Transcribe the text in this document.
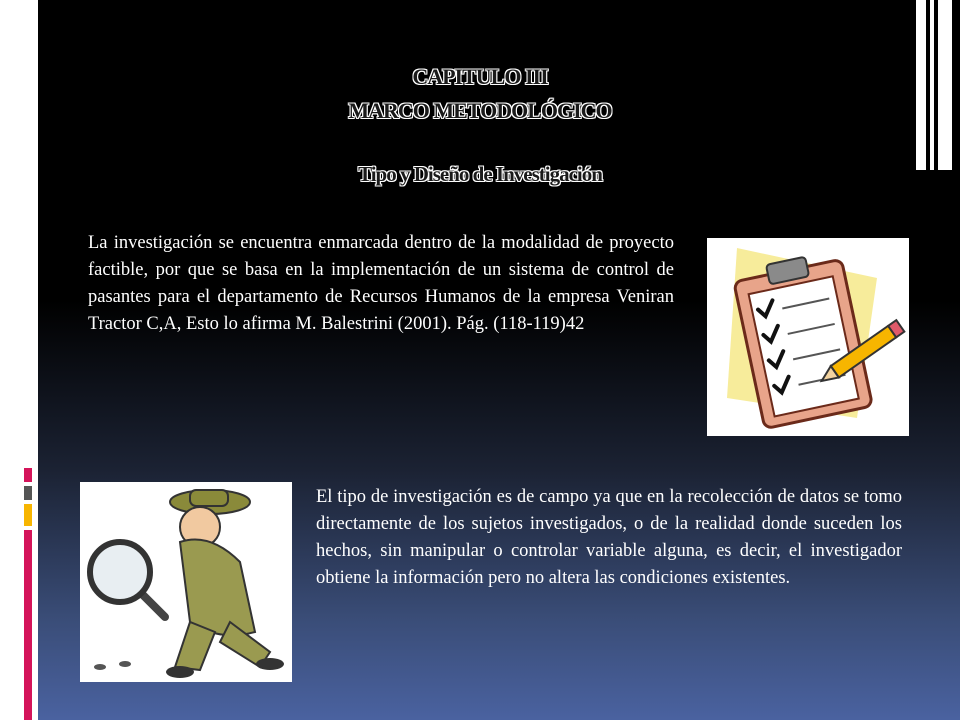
CAPITULO III
MARCO METODOLÓGICO
Tipo y Diseño de Investigación
La investigación se encuentra enmarcada dentro de la modalidad de proyecto factible, por que se basa en la implementación de un sistema de control de pasantes para el departamento de Recursos Humanos de la empresa Veniran Tractor C,A, Esto lo afirma M. Balestrini (2001). Pág. (118-119)42
El tipo de investigación es de campo ya que en la recolección de datos se tomo directamente de los sujetos investigados, o de la realidad donde suceden los hechos, sin manipular o controlar variable alguna, es decir, el investigador obtiene la información pero no altera las condiciones existentes.
